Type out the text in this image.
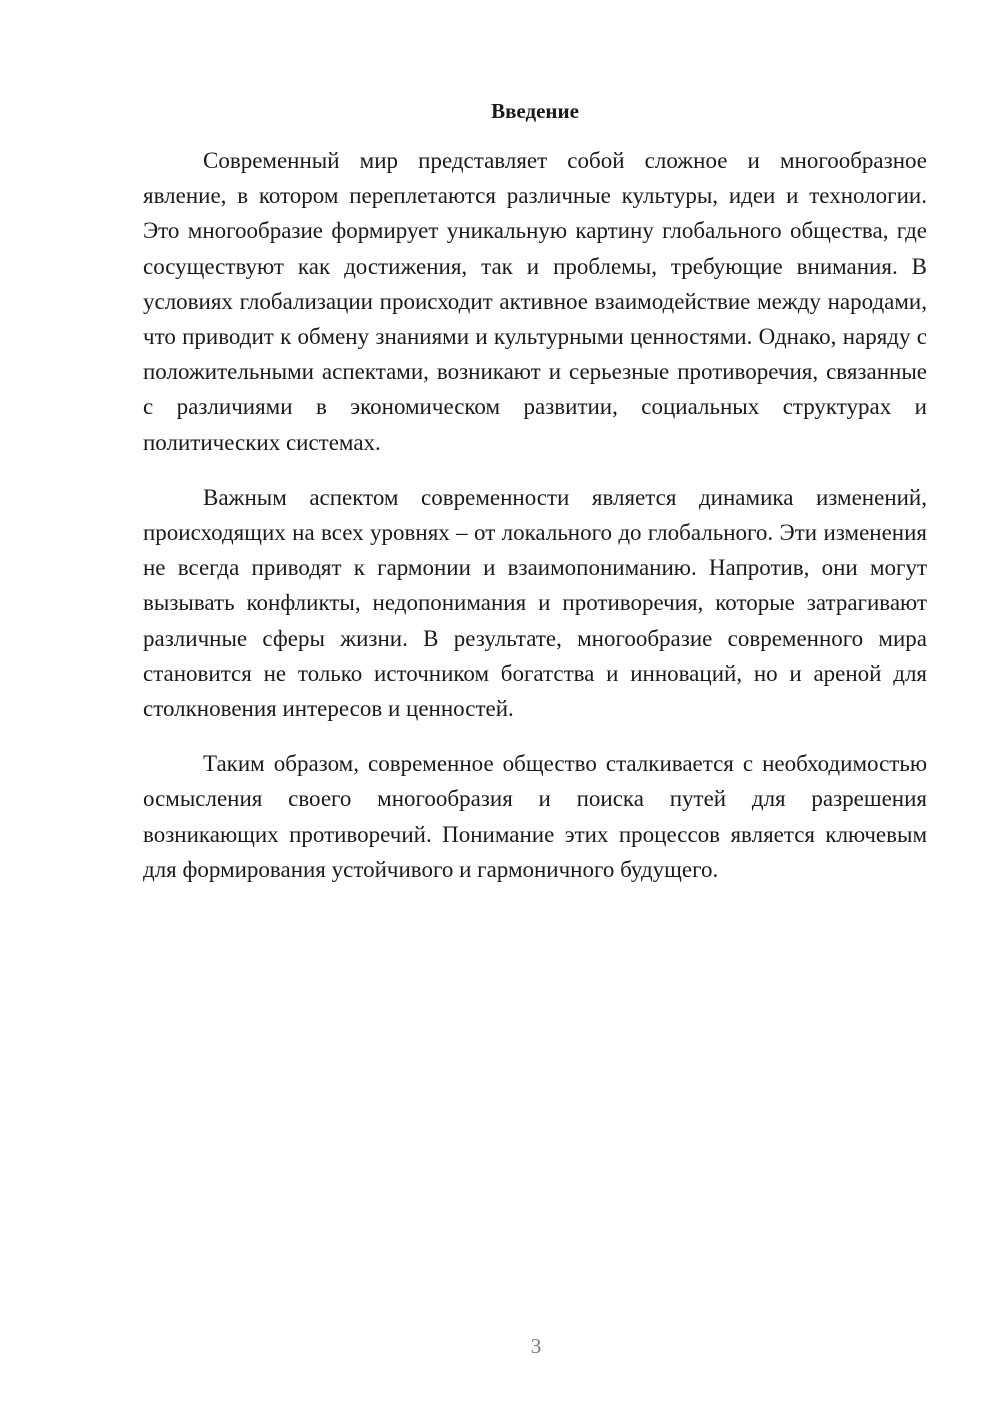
Введение

Современный мир представляет собой сложное и многообразное явление, в котором переплетаются различные культуры, идеи и технологии. Это многообразие формирует уникальную картину глобального общества, где сосуществуют как достижения, так и проблемы, требующие внимания. В условиях глобализации происходит активное взаимодействие между народами, что приводит к обмену знаниями и культурными ценностями. Однако, наряду с положительными аспектами, возникают и серьезные противоречия, связанные с различиями в экономическом развитии, социальных структурах и политических системах.

Важным аспектом современности является динамика изменений, происходящих на всех уровнях – от локального до глобального. Эти изменения не всегда приводят к гармонии и взаимопониманию. Напротив, они могут вызывать конфликты, недопонимания и противоречия, которые затрагивают различные сферы жизни. В результате, многообразие современного мира становится не только источником богатства и инноваций, но и ареной для столкновения интересов и ценностей.

Таким образом, современное общество сталкивается с необходимостью осмысления своего многообразия и поиска путей для разрешения возникающих противоречий. Понимание этих процессов является ключевым для формирования устойчивого и гармоничного будущего.

3
